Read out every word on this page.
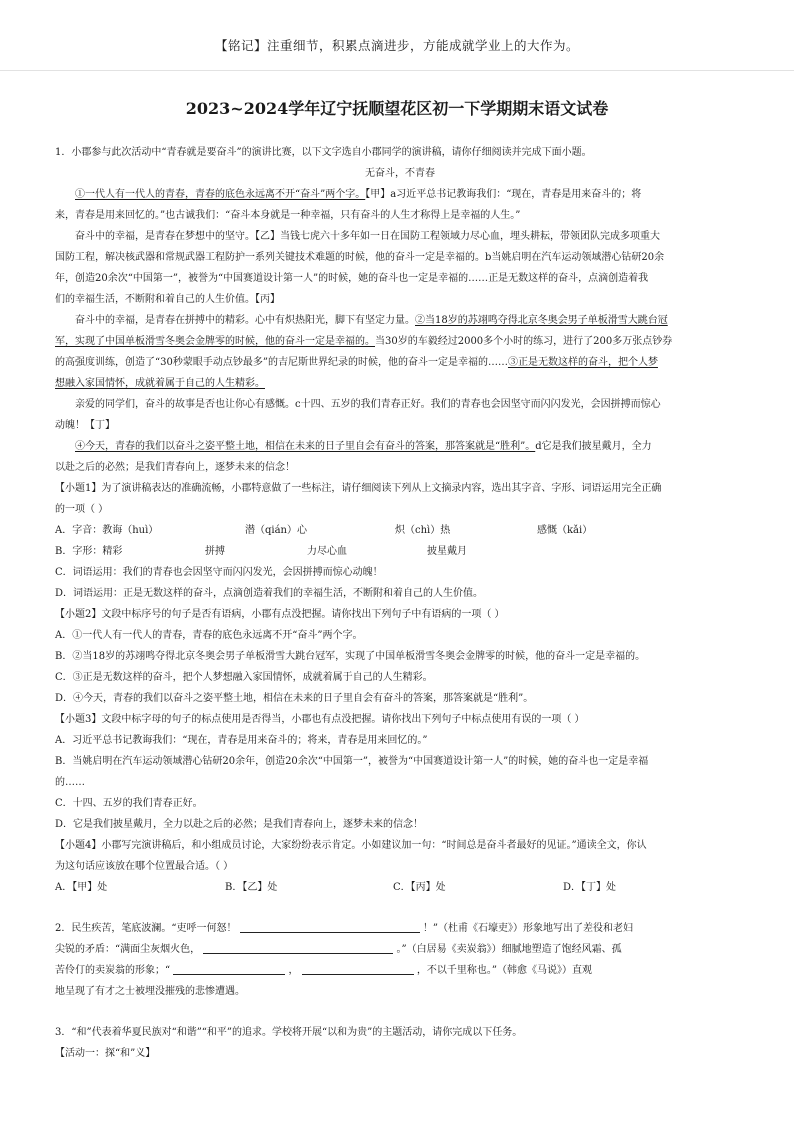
【铭记】注重细节，积累点滴进步，方能成就学业上的大作为。
2023~2024学年辽宁抚顺望花区初一下学期期末语文试卷

1．小郡参与此次活动中“青春就是要奋斗”的演讲比赛，以下文字选自小郡同学的演讲稿，请你仔细阅读并完成下面小题。

无奋斗，不青春

①一代人有一代人的青春，青春的底色永远离不开“奋斗”两个字。【甲】a习近平总书记教诲我们：“现在，青春是用来奋斗的；将

来，青春是用来回忆的。”也古诚我们：“奋斗本身就是一种幸福，只有奋斗的人生才称得上是幸福的人生。”

奋斗中的幸福，是青春在梦想中的坚守。【乙】当钱七虎六十多年如一日在国防工程领域力尽心血，埋头耕耘，带领团队完成多项重大

国防工程，解决核武器和常规武器工程防护一系列关键技术难题的时候，他的奋斗一定是幸福的。b当姚启明在汽车运动领域潜心钻研20余

年，创造20余次“中国第一”，被誉为“中国赛道设计第一人”的时候，她的奋斗也一定是幸福的……正是无数这样的奋斗，点滴创造着我

们的幸福生活，不断附和着自己的人生价值。【丙】

奋斗中的幸福，是青春在拼搏中的精彩。心中有炽热阳光，脚下有坚定力量。②当18岁的苏翊鸣夺得北京冬奥会男子单板滑雪大跳台冠

军，实现了中国单板滑雪冬奥会金牌零的时候，他的奋斗一定是幸福的。当30岁的车毅经过2000多个小时的练习，进行了200多万张点钞券

的高强度训练，创造了“30秒蒙眼手动点钞最多”的吉尼斯世界纪录的时候，他的奋斗一定是幸福的……③正是无数这样的奋斗，把个人梦

想融入家国情怀，成就着属于自己的人生精彩。

亲爱的同学们，奋斗的故事是否也让你心有感慨。c十四、五岁的我们青春正好。我们的青春也会因坚守而闪闪发光，会因拼搏而惊心

动魄！【丁】

④今天，青春的我们以奋斗之姿平整土地，相信在未来的日子里自会有奋斗的答案，那答案就是“胜利”。d它是我们披星戴月，全力

以赴之后的必然；是我们青春向上，逐梦未来的信念！

【小题1】为了演讲稿表达的准确流畅，小郡特意做了一些标注，请仔细阅读下列从上文摘录内容，选出其字音、字形、词语运用完全正确

的一项（ ）

A．字音：教诲（huì）	潜（qián）心	炽（chì）热	感慨（kǎi）

B．字形：精彩	拼搏	力尽心血	披星戴月

C．词语运用：我们的青春也会因坚守而闪闪发光，会因拼搏而惊心动魄！

D．词语运用：正是无数这样的奋斗，点滴创造着我们的幸福生活，不断附和着自己的人生价值。

【小题2】文段中标序号的句子是否有语病，小郡有点没把握。请你找出下列句子中有语病的一项（ ）

A．①一代人有一代人的青春，青春的底色永远离不开“奋斗”两个字。

B．②当18岁的苏翊鸣夺得北京冬奥会男子单板滑雪大跳台冠军，实现了中国单板滑雪冬奥会金牌零的时候，他的奋斗一定是幸福的。

C．③正是无数这样的奋斗，把个人梦想融入家国情怀，成就着属于自己的人生精彩。

D．④今天，青春的我们以奋斗之姿平整土地，相信在未来的日子里自会有奋斗的答案，那答案就是“胜利”。

【小题3】文段中标字母的句子的标点使用是否得当，小郡也有点没把握。请你找出下列句子中标点使用有误的一项（ ）

A．习近平总书记教诲我们：“现在，青春是用来奋斗的；将来，青春是用来回忆的。”

B．当姚启明在汽车运动领域潜心钻研20余年，创造20余次“中国第一”，被誉为“中国赛道设计第一人”的时候，她的奋斗也一定是幸福

的……

C．十四、五岁的我们青春正好。

D．它是我们披星戴月，全力以赴之后的必然；是我们青春向上，逐梦未来的信念！

【小题4】小郡写完演讲稿后，和小组成员讨论，大家纷纷表示肯定。小如建议加一句：“时间总是奋斗者最好的见证。”通读全文，你认

为这句话应该放在哪个位置最合适。（ ）

A．【甲】处	B．【乙】处	C．【丙】处	D．【丁】处

2．民生疾苦，笔底波澜。“吏呼一何怒！	！”（杜甫《石壕吏》）形象地写出了差役和老妇

尖锐的矛盾：“满面尘灰烟火色，	。”（白居易《卖炭翁》）细腻地塑造了饱经风霜、孤

苦伶仃的卖炭翁的形象；“	，	，不以千里称也。”（韩愈《马说》）直观

地呈现了有才之士被埋没摧残的悲惨遭遇。

3．“和”代表着华夏民族对“和谐”“和平”的追求。学校将开展“以和为贵”的主题活动，请你完成以下任务。

【活动一：探“和”义】
